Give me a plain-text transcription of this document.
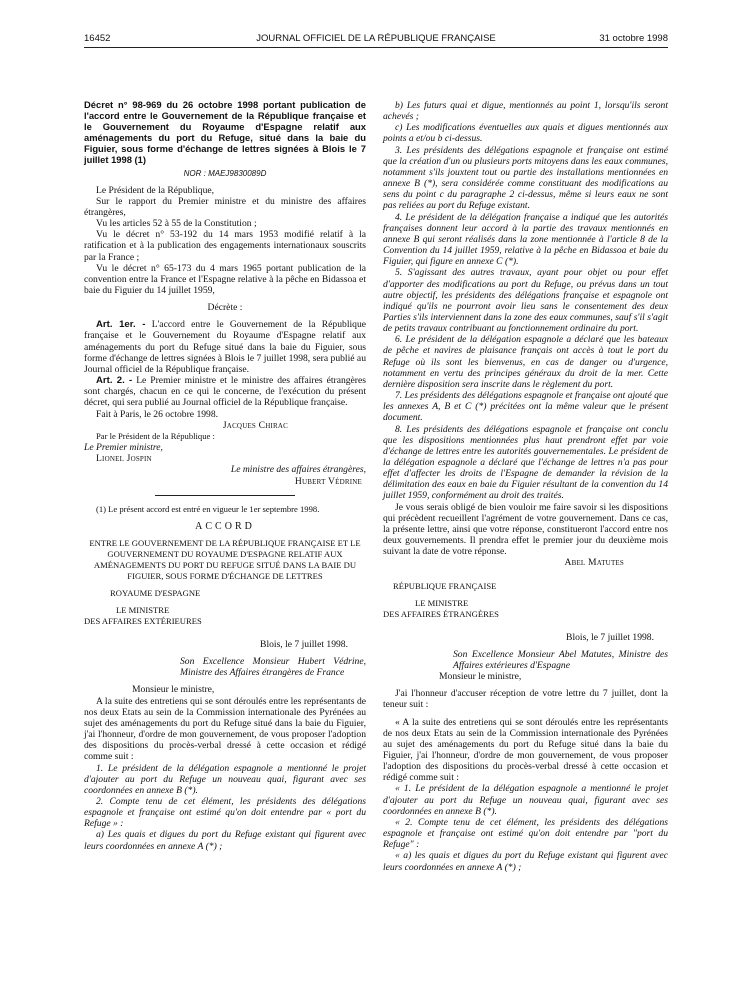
16452	JOURNAL OFFICIEL DE LA RÉPUBLIQUE FRANÇAISE	31 octobre 1998

Décret n° 98-969 du 26 octobre 1998 portant publication de l'accord entre le Gouvernement de la République française et le Gouvernement du Royaume d'Espagne relatif aux aménagements du port du Refuge, situé dans la baie du Figuier, sous forme d'échange de lettres signées à Blois le 7 juillet 1998 (1)

NOR : MAEJ9830089D

Le Président de la République,

Sur le rapport du Premier ministre et du ministre des affaires étrangères,

Vu les articles 52 à 55 de la Constitution ;

Vu le décret n° 53-192 du 14 mars 1953 modifié relatif à la ratification et à la publication des engagements internationaux souscrits par la France ;

Vu le décret n° 65-173 du 4 mars 1965 portant publication de la convention entre la France et l'Espagne relative à la pêche en Bidassoa et baie du Figuier du 14 juillet 1959,

Décrète :

Art. 1er. - L'accord entre le Gouvernement de la République française et le Gouvernement du Royaume d'Espagne relatif aux aménagements du port du Refuge situé dans la baie du Figuier, sous forme d'échange de lettres signées à Blois le 7 juillet 1998, sera publié au Journal officiel de la République française.

Art. 2. - Le Premier ministre et le ministre des affaires étrangères sont chargés, chacun en ce qui le concerne, de l'exécution du présent décret, qui sera publié au Journal officiel de la République française.

Fait à Paris, le 26 octobre 1998.

Jacques Chirac

Par le Président de la République :

Le Premier ministre,

Lionel Jospin

Le ministre des affaires étrangères,

Hubert Védrine

(1) Le présent accord est entré en vigueur le 1er septembre 1998.

ACCORD

ENTRE LE GOUVERNEMENT DE LA RÉPUBLIQUE FRANÇAISE ET LE GOUVERNEMENT DU ROYAUME D'ESPAGNE RELATIF AUX AMÉNAGEMENTS DU PORT DU REFUGE SITUÉ DANS LA BAIE DU FIGUIER, SOUS FORME D'ÉCHANGE DE LETTRES

ROYAUME D'ESPAGNE

LE MINISTRE

DES AFFAIRES EXTÉRIEURES

Blois, le 7 juillet 1998.

Son Excellence Monsieur Hubert Védrine, Ministre des Affaires étrangères de France

Monsieur le ministre,

A la suite des entretiens qui se sont déroulés entre les représentants de nos deux Etats au sein de la Commission internationale des Pyrénées au sujet des aménagements du port du Refuge situé dans la baie du Figuier, j'ai l'honneur, d'ordre de mon gouvernement, de vous proposer l'adoption des dispositions du procès-verbal dressé à cette occasion et rédigé comme suit :

1. Le président de la délégation espagnole a mentionné le projet d'ajouter au port du Refuge un nouveau quai, figurant avec ses coordonnées en annexe B (*).

2. Compte tenu de cet élément, les présidents des délégations espagnole et française ont estimé qu'on doit entendre par « port du Refuge » :

a) Les quais et digues du port du Refuge existant qui figurent avec leurs coordonnées en annexe A (*) ;

b) Les futurs quai et digue, mentionnés au point 1, lorsqu'ils seront achevés ;

c) Les modifications éventuelles aux quais et digues mentionnés aux points a et/ou b ci-dessus.

3. Les présidents des délégations espagnole et française ont estimé que la création d'un ou plusieurs ports mitoyens dans les eaux communes, notamment s'ils jouxtent tout ou partie des installations mentionnées en annexe B (*), sera considérée comme constituant des modifications au sens du point c du paragraphe 2 ci-dessus, même si leurs eaux ne sont pas reliées au port du Refuge existant.

4. Le président de la délégation française a indiqué que les autorités françaises donnent leur accord à la partie des travaux mentionnés en annexe B qui seront réalisés dans la zone mentionnée à l'article 8 de la Convention du 14 juillet 1959, relative à la pêche en Bidassoa et baie du Figuier, qui figure en annexe C (*).

5. S'agissant des autres travaux, ayant pour objet ou pour effet d'apporter des modifications au port du Refuge, ou prévus dans un tout autre objectif, les présidents des délégations française et espagnole ont indiqué qu'ils ne pourront avoir lieu sans le consentement des deux Parties s'ils interviennent dans la zone des eaux communes, sauf s'il s'agit de petits travaux contribuant au fonctionnement ordinaire du port.

6. Le président de la délégation espagnole a déclaré que les bateaux de pêche et navires de plaisance français ont accès à tout le port du Refuge où ils sont les bienvenus, en cas de danger ou d'urgence, notamment en vertu des principes généraux du droit de la mer. Cette dernière disposition sera inscrite dans le règlement du port.

7. Les présidents des délégations espagnole et française ont ajouté que les annexes A, B et C (*) précitées ont la même valeur que le présent document.

8. Les présidents des délégations espagnole et française ont conclu que les dispositions mentionnées plus haut prendront effet par voie d'échange de lettres entre les autorités gouvernementales. Le président de la délégation espagnole a déclaré que l'échange de lettres n'a pas pour effet d'affecter les droits de l'Espagne de demander la révision de la délimitation des eaux en baie du Figuier résultant de la convention du 14 juillet 1959, conformément au droit des traités.

Je vous serais obligé de bien vouloir me faire savoir si les dispositions qui précèdent recueillent l'agrément de votre gouvernement. Dans ce cas, la présente lettre, ainsi que votre réponse, constitueront l'accord entre nos deux gouvernements. Il prendra effet le premier jour du deuxième mois suivant la date de votre réponse.

Abel Matutes

RÉPUBLIQUE FRANÇAISE

LE MINISTRE

DES AFFAIRES ÉTRANGÈRES

Blois, le 7 juillet 1998.

Son Excellence Monsieur Abel Matutes, Ministre des Affaires extérieures d'Espagne

Monsieur le ministre,

J'ai l'honneur d'accuser réception de votre lettre du 7 juillet, dont la teneur suit :

« A la suite des entretiens qui se sont déroulés entre les représentants de nos deux Etats au sein de la Commission internationale des Pyrénées au sujet des aménagements du port du Refuge situé dans la baie du Figuier, j'ai l'honneur, d'ordre de mon gouvernement, de vous proposer l'adoption des dispositions du procès-verbal dressé à cette occasion et rédigé comme suit :

« 1. Le président de la délégation espagnole a mentionné le projet d'ajouter au port du Refuge un nouveau quai, figurant avec ses coordonnées en annexe B (*).

« 2. Compte tenu de cet élément, les présidents des délégations espagnole et française ont estimé qu'on doit entendre par "port du Refuge" :

« a) les quais et digues du port du Refuge existant qui figurent avec leurs coordonnées en annexe A (*) ;
